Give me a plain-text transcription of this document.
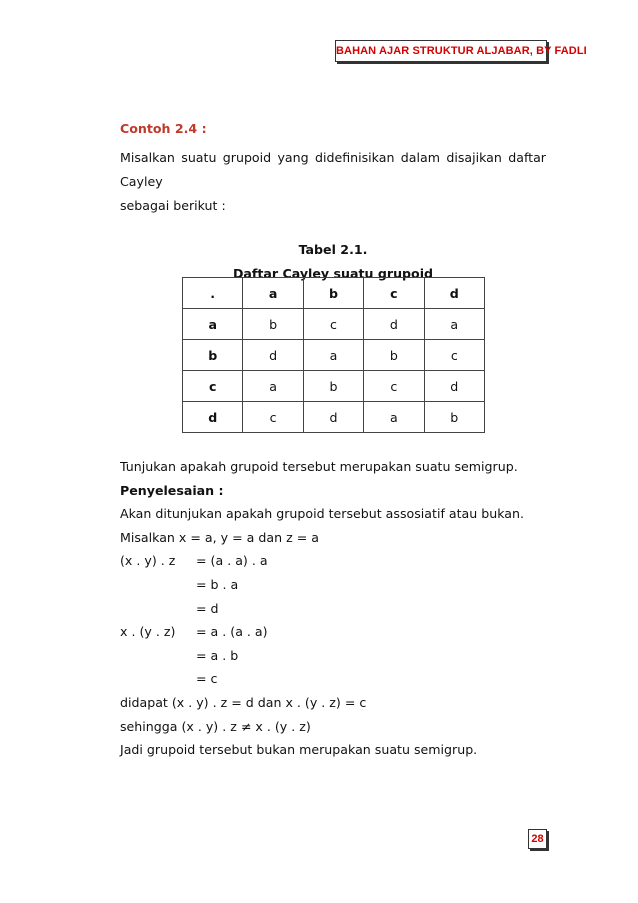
BAHAN AJAR STRUKTUR ALJABAR, BY FADLI

Contoh 2.4 :

Misalkan suatu grupoid yang didefinisikan dalam disajikan daftar Cayley

sebagai berikut :

Tabel 2.1.
Daftar Cayley suatu grupoid
.	a	b	c	d
a	b	c	d	a
b	d	a	b	c
c	a	b	c	d
d	c	d	a	b
Tunjukan apakah grupoid tersebut merupakan suatu semigrup.
Penyelesaian :
Akan ditunjukan apakah grupoid tersebut assosiatif atau bukan.
Misalkan x = a, y = a dan z = a
(x . y) . z = (a . a) . a
= b . a
= d
x . (y . z) = a . (a . a)
= a . b
= c
didapat (x . y) . z = d dan x . (y . z) = c
sehingga (x . y) . z ≠ x . (y . z)
Jadi grupoid tersebut bukan merupakan suatu semigrup.
28
